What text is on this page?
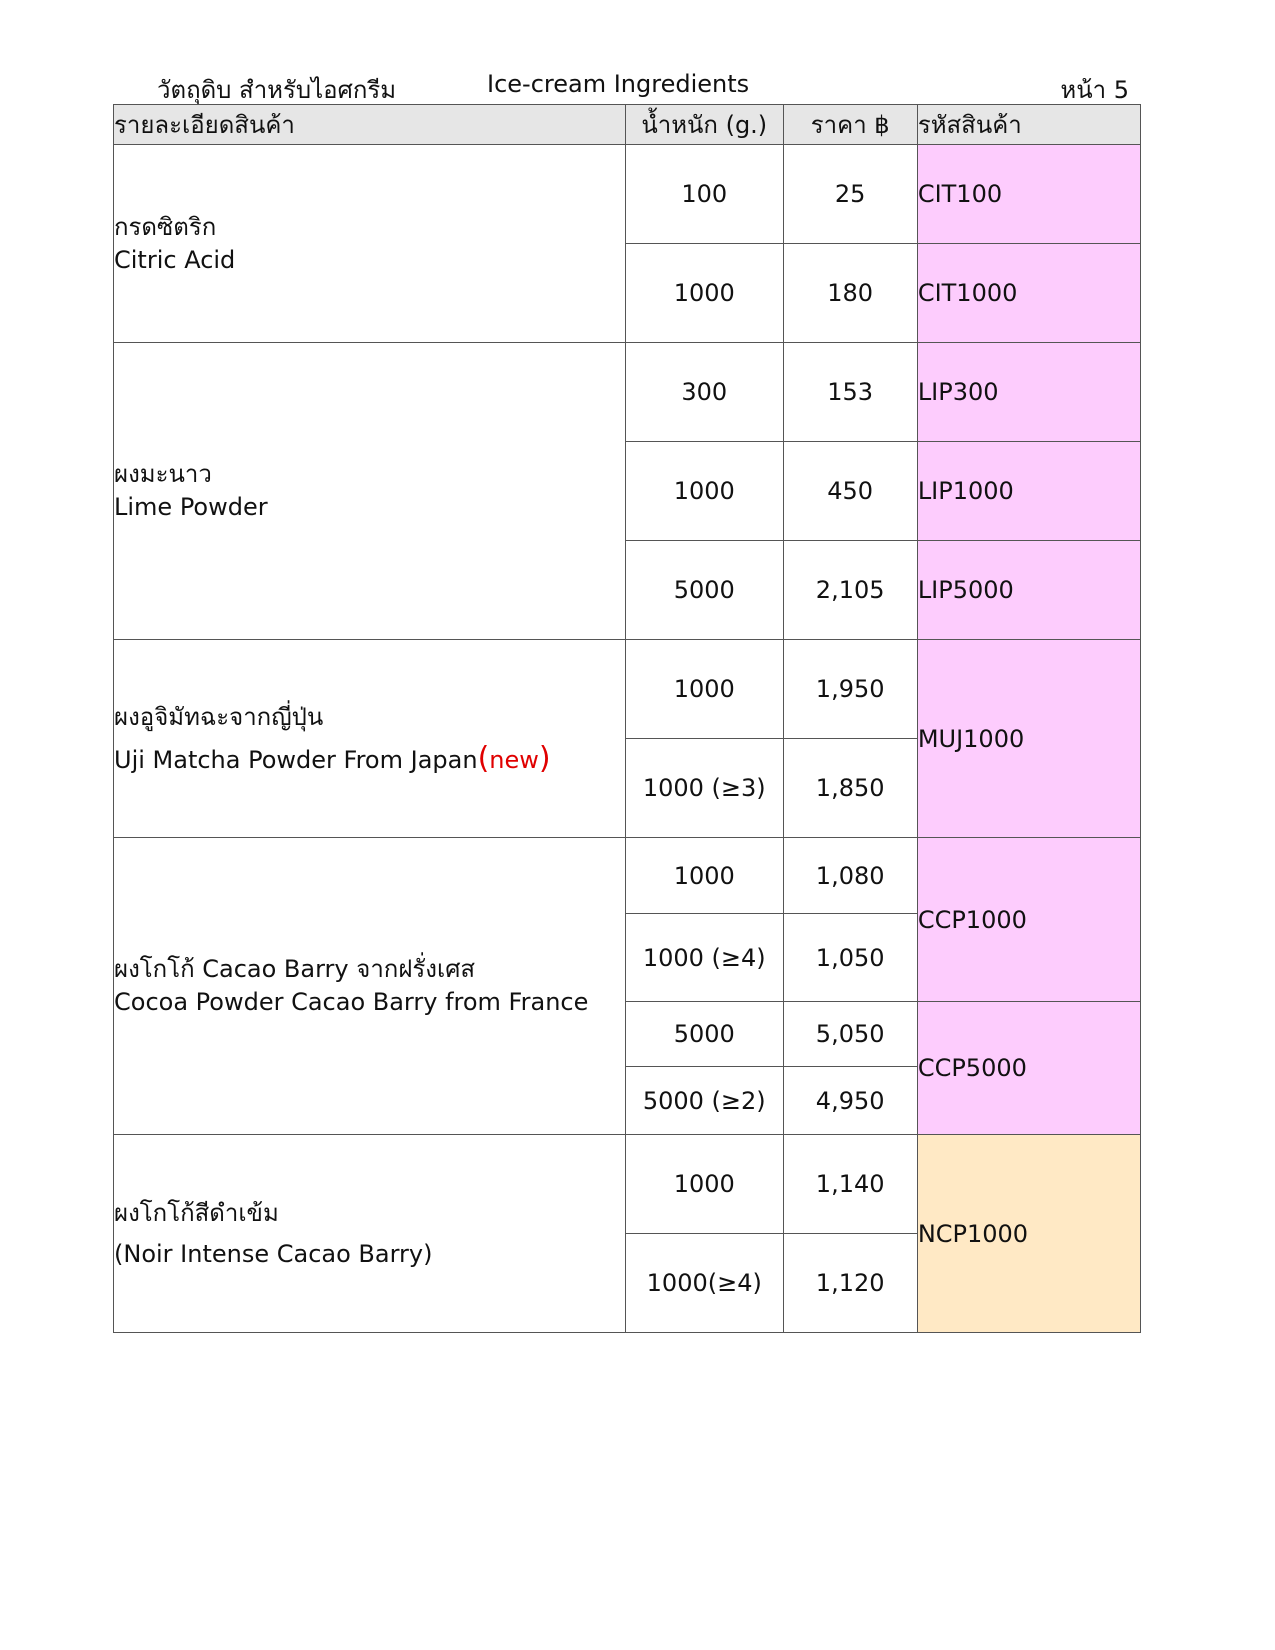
วัตถุดิบ สำหรับไอศกรีม	Ice-cream Ingredients	หน้า 5
รายละเอียดสินค้า	น้ำหนัก (g.)	ราคา ฿	รหัสสินค้า

กรดซิตริก
Citric Acid	100	25	CIT100
	1000	180	CIT1000

ผงมะนาว
Lime Powder	300	153	LIP300
	1000	450	LIP1000
	5000	2,105	LIP5000

ผงอูจิมัทฉะจากญี่ปุ่น
Uji Matcha Powder From Japan(new)	1000	1,950	MUJ1000
	1000 (≥3)	1,850	

ผงโกโก้ Cacao Barry จากฝรั่งเศส
Cocoa Powder Cacao Barry from France	1000	1,080	CCP1000
	1000 (≥4)	1,050	
	5000	5,050	CCP5000
	5000 (≥2)	4,950	

ผงโกโก้สีดำเข้ม
(Noir Intense Cacao Barry)	1000	1,140	NCP1000
	1000(≥4)	1,120	
